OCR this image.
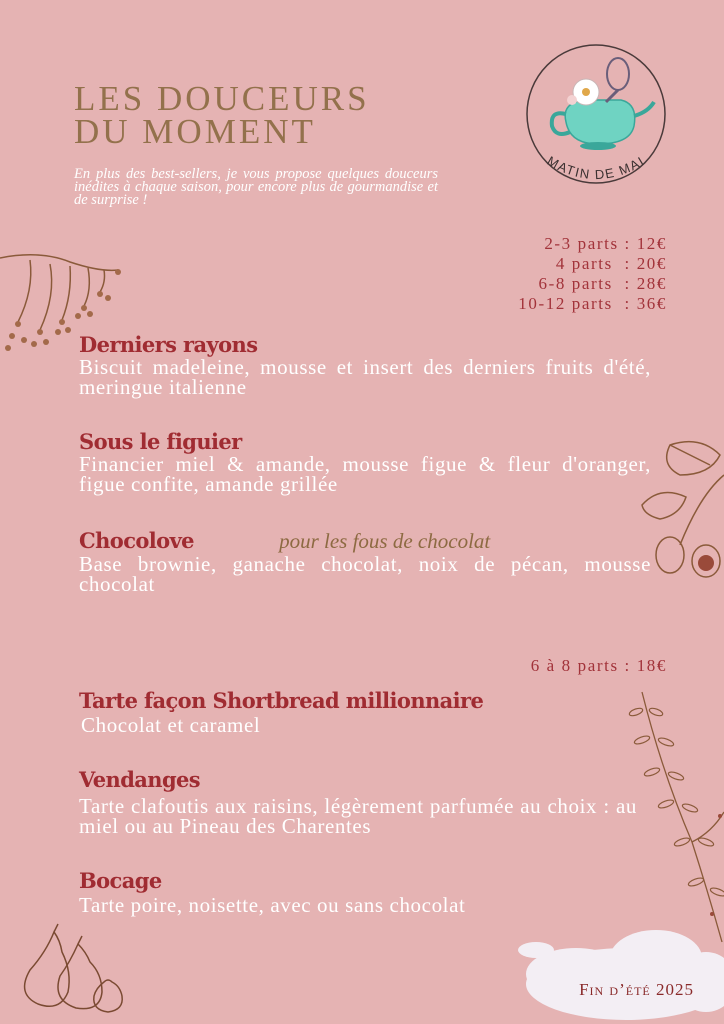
LES DOUCEURS
DU MOMENT

En plus des best-sellers, je vous propose quelques douceurs inédites à chaque saison, pour encore plus de gourmandise et de surprise !

MATIN DE MAI
2-3 parts : 12€
4 parts  : 20€
6-8 parts  : 28€
10-12 parts  : 36€
Derniers rayons

Biscuit madeleine, mousse et insert des derniers fruits d'été, meringue italienne

Sous le figuier

Financier miel & amande, mousse figue & fleur d'oranger, figue confite, amande grillée

Chocolove	pour les fous de chocolat

Base brownie, ganache chocolat, noix de pécan, mousse chocolat

6 à 8 parts : 18€
Tarte façon Shortbread millionnaire

Chocolat et caramel

Vendanges

Tarte clafoutis aux raisins, légèrement parfumée au choix : au miel ou au Pineau des Charentes

Bocage

Tarte poire, noisette, avec ou sans chocolat

Fin d’été 2025
